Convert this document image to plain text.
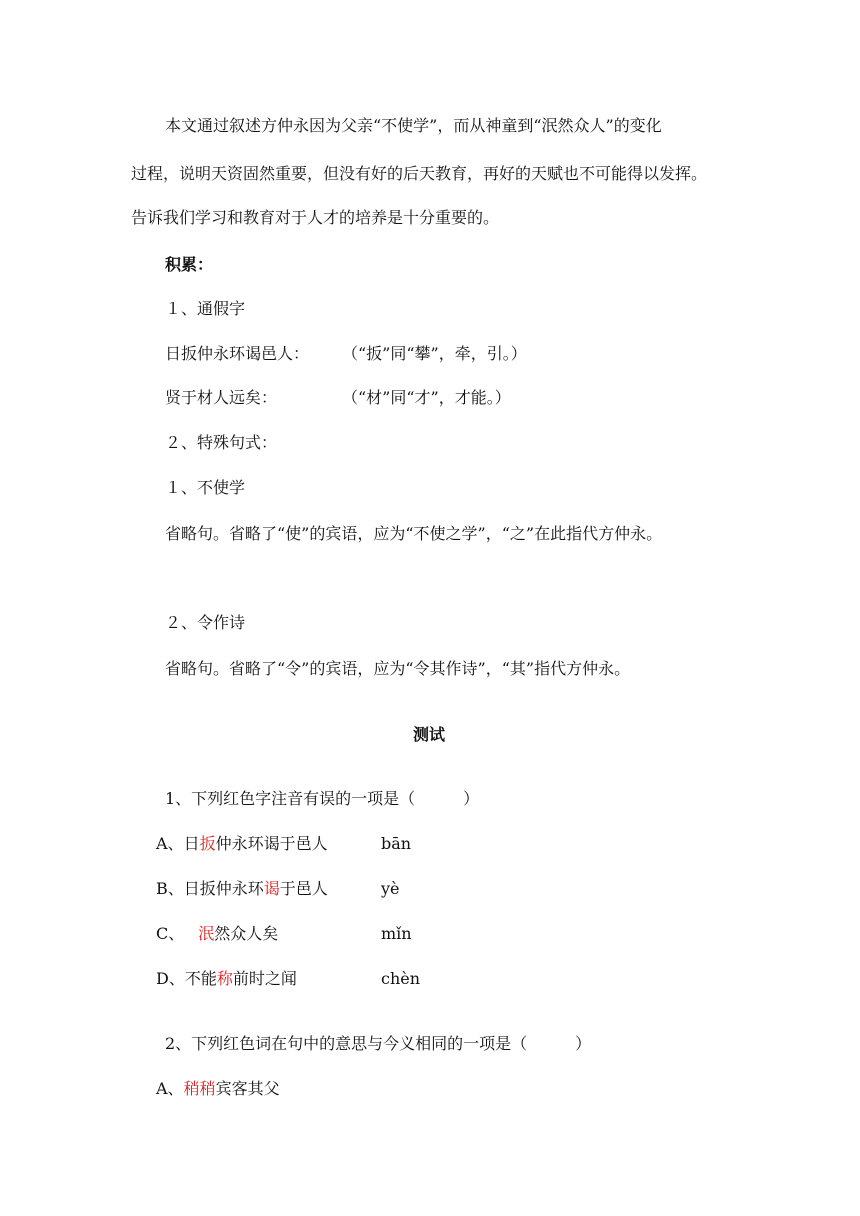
本文通过叙述方仲永因为父亲“不使学”，而从神童到“泯然众人”的变化
过程，说明天资固然重要，但没有好的后天教育，再好的天赋也不可能得以发挥。
告诉我们学习和教育对于人才的培养是十分重要的。
积累：
１、通假字
日扳仲永环谒邑人： （“扳”同“攀”，牵，引。）
贤于材人远矣：	（“材”同“才”，才能。）
２、特殊句式：
１、不使学
省略句。省略了“使”的宾语，应为“不使之学”，“之”在此指代方仲永。
２、令作诗
省略句。省略了“令”的宾语，应为“令其作诗”，“其”指代方仲永。
测试
1、下列红色字注音有误的一项是（　　　）
A、日扳仲永环谒于邑人	bān
B、日扳仲永环谒于邑人	yè
C、 泯然众人矣	mǐn
D、不能称前时之闻	chèn
2、下列红色词在句中的意思与今义相同的一项是（　　　）
A、稍稍宾客其父
